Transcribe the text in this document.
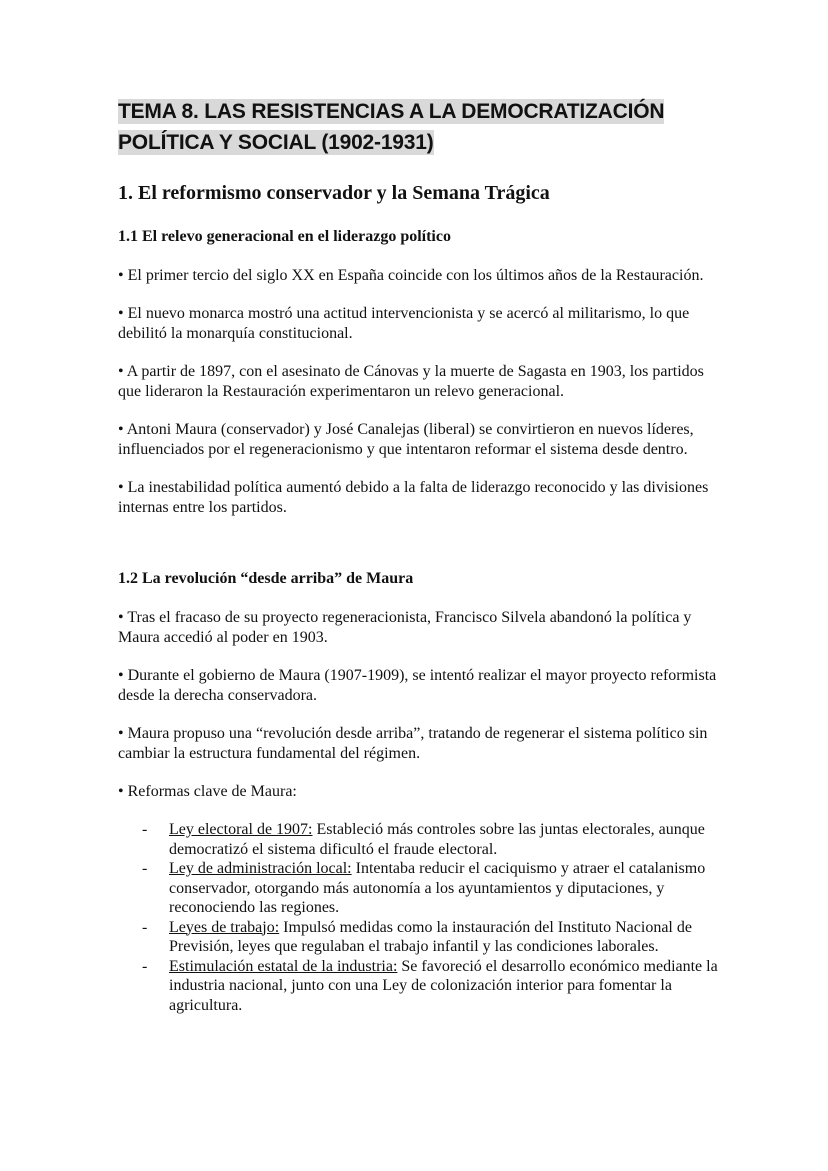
TEMA 8. LAS RESISTENCIAS A LA DEMOCRATIZACIÓN
POLÍTICA Y SOCIAL (1902-1931)
1. El reformismo conservador y la Semana Trágica
1.1 El relevo generacional en el liderazgo político

• El primer tercio del siglo XX en España coincide con los últimos años de la Restauración.

• El nuevo monarca mostró una actitud intervencionista y se acercó al militarismo, lo que debilitó la monarquía constitucional.

• A partir de 1897, con el asesinato de Cánovas y la muerte de Sagasta en 1903, los partidos que lideraron la Restauración experimentaron un relevo generacional.

• Antoni Maura (conservador) y José Canalejas (liberal) se convirtieron en nuevos líderes, influenciados por el regeneracionismo y que intentaron reformar el sistema desde dentro.

• La inestabilidad política aumentó debido a la falta de liderazgo reconocido y las divisiones internas entre los partidos.

1.2 La revolución “desde arriba” de Maura

• Tras el fracaso de su proyecto regeneracionista, Francisco Silvela abandonó la política y Maura accedió al poder en 1903.

• Durante el gobierno de Maura (1907-1909), se intentó realizar el mayor proyecto reformista desde la derecha conservadora.

• Maura propuso una “revolución desde arriba”, tratando de regenerar el sistema político sin cambiar la estructura fundamental del régimen.

• Reformas clave de Maura:

- Ley electoral de 1907: Estableció más controles sobre las juntas electorales, aunque democratizó el sistema dificultó el fraude electoral.
- Ley de administración local: Intentaba reducir el caciquismo y atraer el catalanismo conservador, otorgando más autonomía a los ayuntamientos y diputaciones, y reconociendo las regiones.
- Leyes de trabajo: Impulsó medidas como la instauración del Instituto Nacional de Previsión, leyes que regulaban el trabajo infantil y las condiciones laborales.
- Estimulación estatal de la industria: Se favoreció el desarrollo económico mediante la industria nacional, junto con una Ley de colonización interior para fomentar la agricultura.
